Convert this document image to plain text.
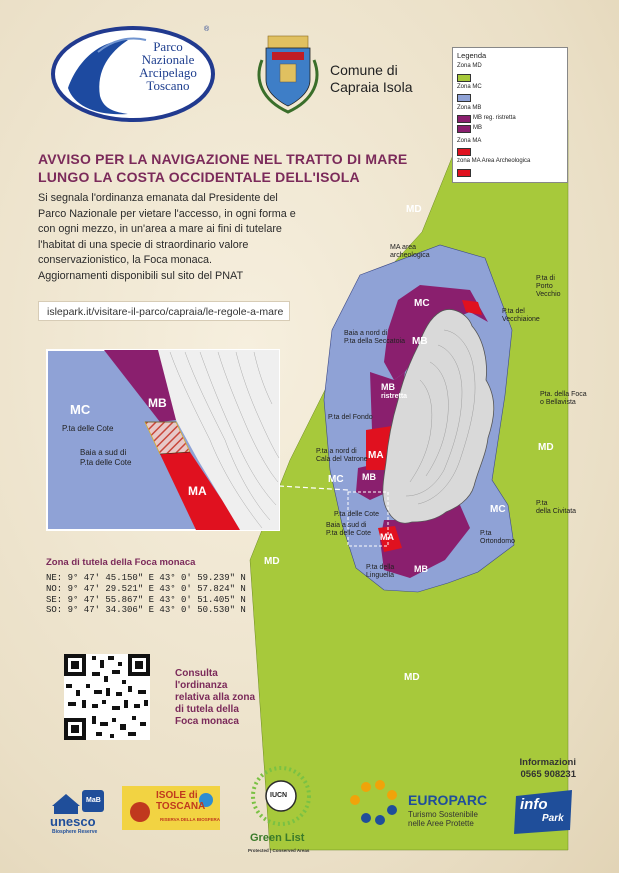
Parco
Nazionale
Arcipelago
Toscano
®
Comune di
Capraia Isola
Legenda
Zona MD
Zona MC
Zona MB
MB reg. ristretta
MB
Zona MA
zona MA Area Archeologica
AVVISO PER LA NAVIGAZIONE NEL TRATTO DI MARE
LUNGO LA COSTA OCCIDENTALE DELL'ISOLA
Si segnala l'ordinanza emanata dal Presidente del
Parco Nazionale per vietare l'accesso, in ogni forma e
con ogni mezzo, in un'area a mare ai fini di tutelare
l'habitat di una specie di straordinario valore
conservazionistico, la Foca monaca.
Aggiornamenti disponibili sul sito del PNAT
islepark.it/visitare-il-parco/capraia/le-regole-a-mare
MD
MD
MD
MD
MC
MC
MC
MB
MB
ristretta
MB
MB
MA
MA
MA area
archeologica
P.ta di
Porto
Vecchio
P.ta del
Vecchiaione
Baia a nord di
P.ta della Seccatoia
Pta. della Foca
o Bellavista
P.ta del Fondo
P.ta a nord di
Cala del Vatrone
P.ta delle Cote
Baia a sud di
P.ta delle Cote
P.ta
della Civitata
P.ta
Ortondomo
P.ta della
Linguella
MC	MB
MA
P.ta delle Cote
Baia a sud di
P.ta delle Cote
Zona di tutela della Foca monaca
NE: 9° 47' 45.150" E 43° 0' 59.239" N
NO: 9° 47' 29.521" E 43° 0' 57.824" N
SE: 9° 47' 55.867" E 43° 0' 51.405" N
SO: 9° 47' 34.306" E 43° 0' 50.530" N
Consulta
l'ordinanza
relativa alla zona
di tutela della
Foca monaca
Informazioni
0565 908231
info
Park
unesco
Biosphere Reserve
MaB	ISOLE di
TOSCANA
RISERVA DELLA BIOSFERA
IUCN
Green List
Protected | Conserved Areas
EUROPARC
Turismo Sostenibile
nelle Aree Protette
